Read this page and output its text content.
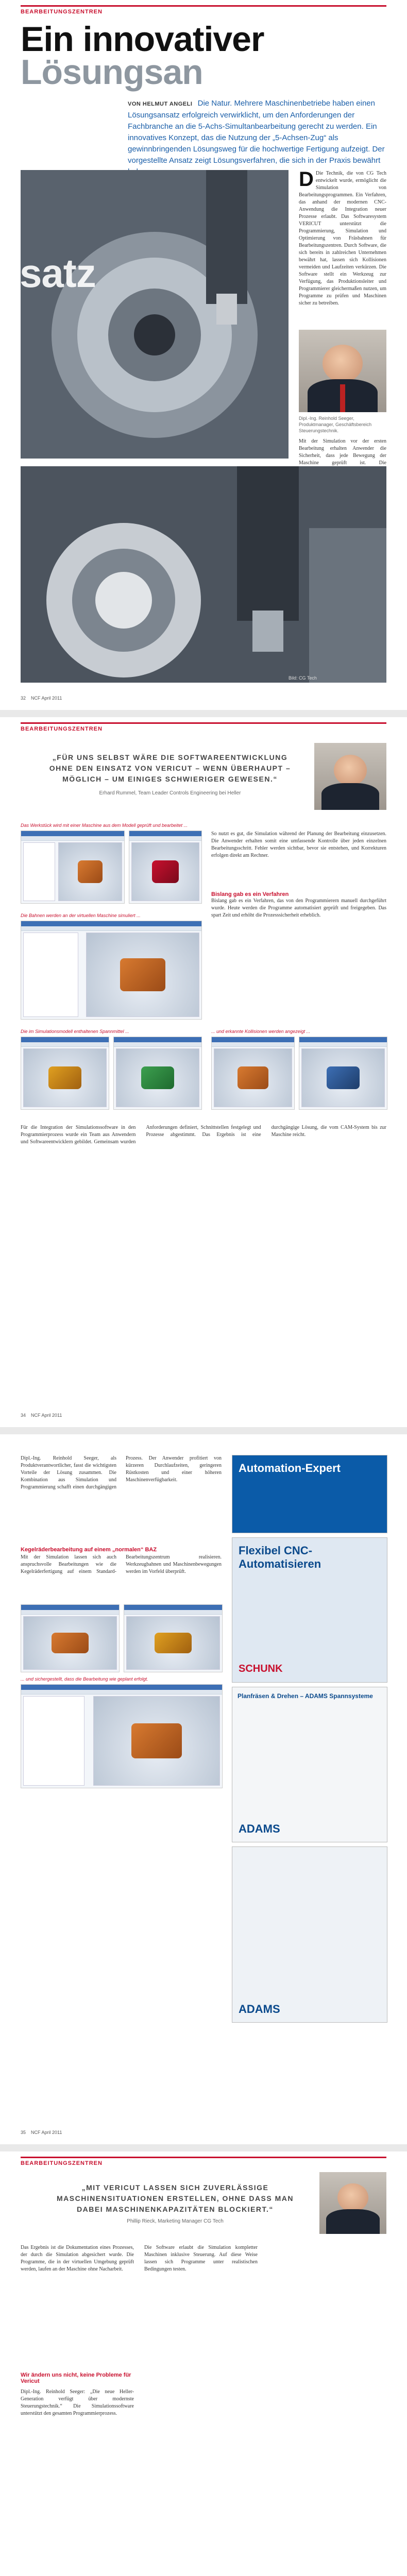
BEARBEITUNGSZENTREN
Ein innovativer
Lösungsan
VON HELMUT ANGELI Die Natur. Mehrere Maschinenbetriebe haben einen Lösungsansatz erfolgreich verwirklicht, um den Anforderungen der Fachbranche an die 5-Achs-Simultanbearbeitung gerecht zu werden. Ein innovatives Konzept, das die Nutzung der „5-Achsen-Zug“ als gewinnbringenden Lösungsweg für die hochwertige Fertigung aufzeigt. Der vorgestellte Ansatz zeigt Lösungsverfahren, die sich in der Praxis bewährt
satz
D Die Technik, die von CG Tech entwickelt wurde, ermöglicht die Simulation von Bearbeitungsprogrammen. Ein Verfahren, das anhand der modernen CNC-Anwendung die Integration neuer Prozesse erlaubt. Das Softwaresystem VERICUT unterstützt die Programmierung, Simulation und Optimierung von Fräsbahnen für Bearbeitungszentren. Durch Software, die sich bereits in zahlreichen Unternehmen bewährt hat, lassen sich Kollisionen vermeiden und Laufzeiten verkürzen. Die Software stellt ein Werkzeug zur Verfügung, das Produktionsleiter und Programmierer gleichermaßen nutzen, um Programme zu prüfen und Maschinen sicher zu betreiben.
Dipl.-Ing. Reinhold Seeger, Produktmanager, Geschäftsbereich Steuerungstechnik.
Mit der Simulation vor der ersten Bearbeitung erhalten Anwender die Sicherheit, dass jede Bewegung der Maschine geprüft ist. Die
Bild: CG Tech
32 NCF April 2011
BEARBEITUNGSZENTREN
„FÜR UNS SELBST WÄRE DIE SOFTWAREENTWICKLUNG OHNE DEN EINSATZ VON VERICUT – WENN ÜBERHAUPT – MÖGLICH – UM EINIGES SCHWIERIGER GEWESEN.“
Erhard Rummel, Team Leader Controls Engineering bei Heller
Das Werkstück wird mit einer Maschine aus dem Modell geprüft und bearbeitet ...
Die Bahnen werden an der virtuellen Maschine simuliert ...
Die im Simulationsmodell enthaltenen Spannmittel ...	... und erkannte Kollisionen werden angezeigt ...
So nutzt es gut, die Simulation während der Planung der Bearbeitung einzusetzen. Die Anwender erhalten somit eine umfassende Kontrolle über jeden einzelnen Bearbeitungsschritt. Fehler werden sichtbar, bevor sie entstehen, und Korrekturen erfolgen direkt am Rechner.
Bislang gab es ein Verfahren
Bislang gab es ein Verfahren, das von den Programmierern manuell durchgeführt wurde. Heute werden die Programme automatisiert geprüft und freigegeben. Das spart Zeit und erhöht die Prozesssicherheit erheblich.
Für die Integration der Simulationssoftware in den Programmierprozess wurde ein Team aus Anwendern und Softwareentwicklern gebildet. Gemeinsam wurden Anforderungen definiert, Schnittstellen festgelegt und Prozesse abgestimmt. Das Ergebnis ist eine durchgängige Lösung, die vom CAM-System bis zur Maschine reicht.
34 NCF April 2011
Dipl.-Ing. Reinhold Seeger, als Produktverantwortlicher, fasst die wichtigsten Vorteile der Lösung zusammen. Die Kombination aus Simulation und Programmierung schafft einen durchgängigen Prozess. Der Anwender profitiert von kürzeren Durchlaufzeiten, geringeren Rüstkosten und einer höheren Maschinenverfügbarkeit.
Kegelräderbearbeitung auf einem „normalen“ BAZ
Mit der Simulation lassen sich auch anspruchsvolle Bearbeitungen wie die Kegelräderfertigung auf einem Standard-Bearbeitungszentrum realisieren. Werkzeugbahnen und Maschinenbewegungen werden im Vorfeld überprüft.
... und sichergestellt, dass die Bearbeitung wie geplant erfolgt.
Automation-Expert
Flexibel CNC-Automatisieren
SCHUNK
Planfräsen & Drehen – ADAMS Spannsysteme
ADAMS
ADAMS
35 NCF April 2011
BEARBEITUNGSZENTREN
„MIT VERICUT LASSEN SICH ZUVERLÄSSIGE MASCHINENSITUATIONEN ERSTELLEN, OHNE DASS MAN DABEI MASCHINENKAPAZITÄTEN BLOCKIERT.“
Phillip Rieck, Marketing Manager CG Tech
Das Ergebnis ist die Dokumentation eines Prozesses, der durch die Simulation abgesichert wurde. Die Programme, die in der virtuellen Umgebung geprüft werden, laufen an der Maschine ohne Nacharbeit.
Wir ändern uns nicht, keine Probleme für Vericut
Dipl.-Ing. Reinhold Seeger: „Die neue Heller-Generation verfügt über modernste Steuerungstechnik.“ Die Simulationssoftware unterstützt den gesamten Programmierprozess.
Die Software erlaubt die Simulation kompletter Maschinen inklusive Steuerung. Auf diese Weise lassen sich Programme unter realistischen Bedingungen testen.
